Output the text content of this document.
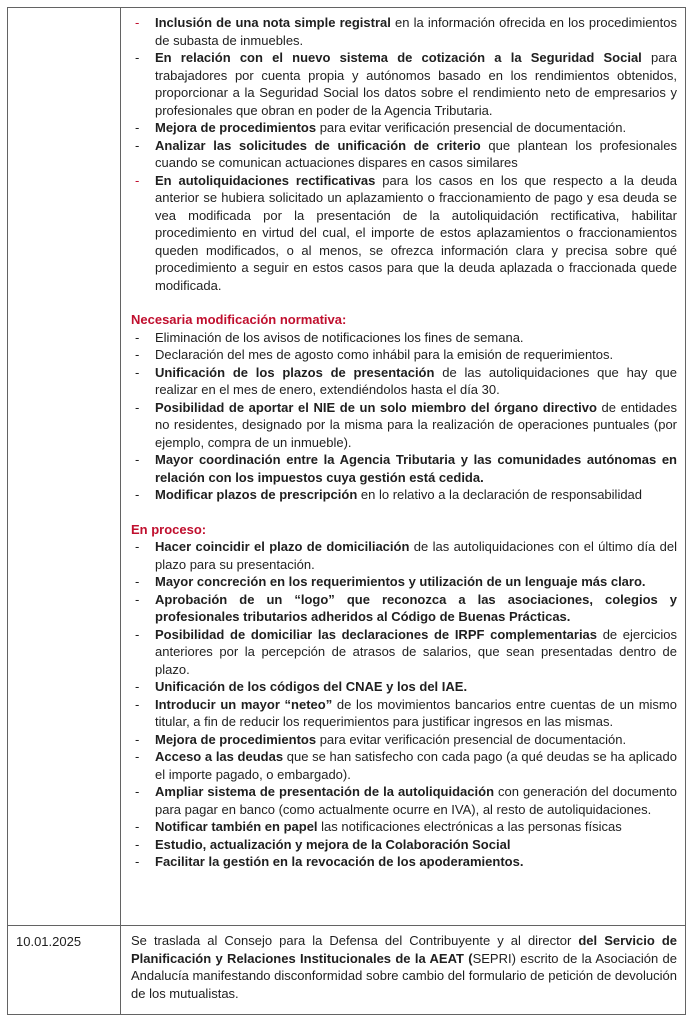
-

Inclusión de una nota simple registral en la información ofrecida en los procedimientos de subasta de inmuebles.

-

En relación con el nuevo sistema de cotización a la Seguridad Social para trabajadores por cuenta propia y autónomos basado en los rendimientos obtenidos, proporcionar a la Seguridad Social los datos sobre el rendimiento neto de empresarios y profesionales que obran en poder de la Agencia Tributaria.

-

Mejora de procedimientos para evitar verificación presencial de documentación.

-

Analizar las solicitudes de unificación de criterio que plantean los profesionales cuando se comunican actuaciones dispares en casos similares

-

En autoliquidaciones rectificativas para los casos en los que respecto a la deuda anterior se hubiera solicitado un aplazamiento o fraccionamiento de pago y esa deuda se vea modificada por la presentación de la autoliquidación rectificativa, habilitar procedimiento en virtud del cual, el importe de estos aplazamientos o fraccionamientos queden modificados, o al menos, se ofrezca información clara y precisa sobre qué procedimiento a seguir en estos casos para que la deuda aplazada o fraccionada quede modificada.

Necesaria modificación normativa:

-

Eliminación de los avisos de notificaciones los fines de semana.

-

Declaración del mes de agosto como inhábil para la emisión de requerimientos.

-

Unificación de los plazos de presentación de las autoliquidaciones que hay que realizar en el mes de enero, extendiéndolos hasta el día 30.

-

Posibilidad de aportar el NIE de un solo miembro del órgano directivo de entidades no residentes, designado por la misma para la realización de operaciones puntuales (por ejemplo, compra de un inmueble).

-

Mayor coordinación entre la Agencia Tributaria y las comunidades autónomas en relación con los impuestos cuya gestión está cedida.

-

Modificar plazos de prescripción en lo relativo a la declaración de responsabilidad

En proceso:

-

Hacer coincidir el plazo de domiciliación de las autoliquidaciones con el último día del plazo para su presentación.

-

Mayor concreción en los requerimientos y utilización de un lenguaje más claro.

-

Aprobación de un “logo” que reconozca a las asociaciones, colegios y profesionales tributarios adheridos al Código de Buenas Prácticas.

-

Posibilidad de domiciliar las declaraciones de IRPF complementarias de ejercicios anteriores por la percepción de atrasos de salarios, que sean presentadas dentro de plazo.

-

Unificación de los códigos del CNAE y los del IAE.

-

Introducir un mayor “neteo” de los movimientos bancarios entre cuentas de un mismo titular, a fin de reducir los requerimientos para justificar ingresos en las mismas.

-

Mejora de procedimientos para evitar verificación presencial de documentación.

-

Acceso a las deudas que se han satisfecho con cada pago (a qué deudas se ha aplicado el importe pagado, o embargado).

-

Ampliar sistema de presentación de la autoliquidación con generación del documento para pagar en banco (como actualmente ocurre en IVA), al resto de autoliquidaciones.

-

Notificar también en papel las notificaciones electrónicas a las personas físicas

-

Estudio, actualización y mejora de la Colaboración Social

-

Facilitar la gestión en la revocación de los apoderamientos.

10.01.2025	Se traslada al Consejo para la Defensa del Contribuyente y al director del Servicio de Planificación y Relaciones Institucionales de la AEAT (SEPRI) escrito de la Asociación de Andalucía manifestando disconformidad sobre cambio del formulario de petición de devolución de los mutualistas.
